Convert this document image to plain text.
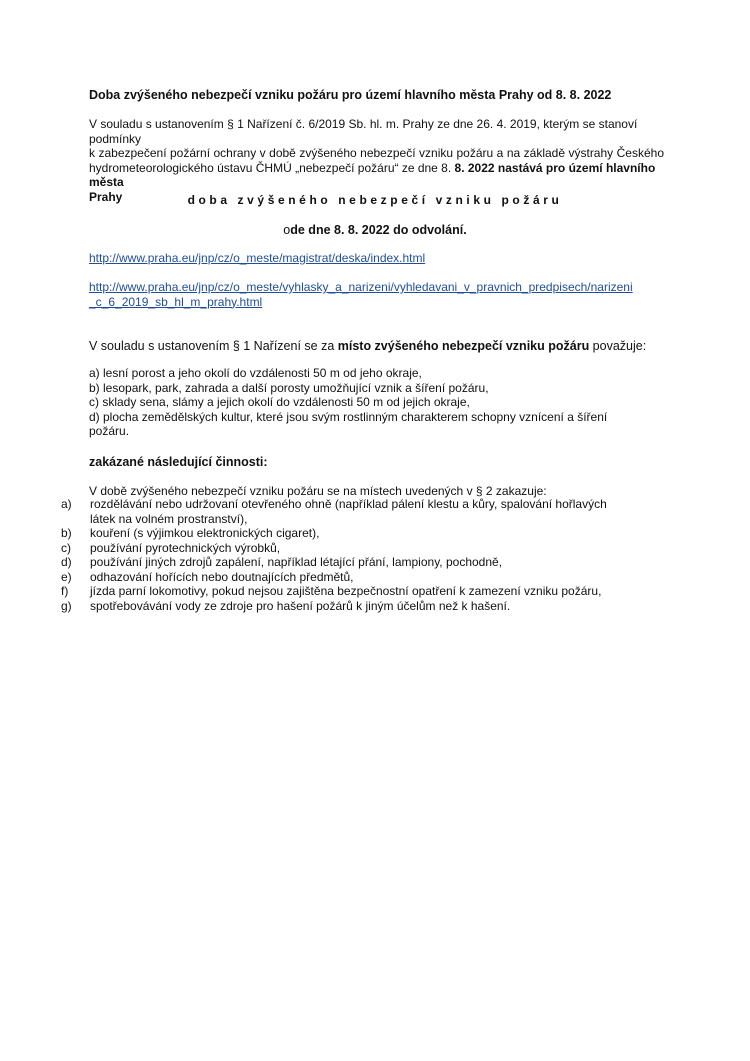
Doba zvýšeného nebezpečí vzniku požáru pro území hlavního města Prahy od 8. 8. 2022
V souladu s ustanovením § 1 Nařízení č. 6/2019 Sb. hl. m. Prahy ze dne 26. 4. 2019, kterým se stanoví podmínky
k zabezpečení požární ochrany v době zvýšeného nebezpečí vzniku požáru a na základě výstrahy Českého
hydrometeorologického ústavu ČHMÚ „nebezpečí požáru“ ze dne 8. 8. 2022 nastává pro území hlavního města
Prahy	doba zvýšeného nebezpečí vzniku požáru
ode dne 8. 8. 2022 do odvolání.
http://www.praha.eu/jnp/cz/o_meste/magistrat/deska/index.html
http://www.praha.eu/jnp/cz/o_meste/vyhlasky_a_narizeni/vyhledavani_v_pravnich_predpisech/narizeni
_c_6_2019_sb_hl_m_prahy.html
V souladu s ustanovením § 1 Nařízení se za místo zvýšeného nebezpečí vzniku požáru považuje:
a) lesní porost a jeho okolí do vzdálenosti 50 m od jeho okraje,
b) lesopark, park, zahrada a další porosty umožňující vznik a šíření požáru,
c) sklady sena, slámy a jejich okolí do vzdálenosti 50 m od jejich okraje,
d) plocha zemědělských kultur, které jsou svým rostlinným charakterem schopny vznícení a šíření
požáru.
zakázané následující činnosti:
V době zvýšeného nebezpečí vzniku požáru se na místech uvedených v § 2 zakazuje:
a)	rozdělávání nebo udržovaní otevřeného ohně (například pálení klestu a kůry, spalování hořlavých
látek na volném prostranství),
b)	kouření (s výjimkou elektronických cigaret),
c)	používání pyrotechnických výrobků,
d)	používání jiných zdrojů zapálení, například létající přání, lampiony, pochodně,
e)	odhazování hořících nebo doutnajících předmětů,
f)	jízda parní lokomotivy, pokud nejsou zajištěna bezpečnostní opatření k zamezení vzniku požáru,
g)	spotřebovávání vody ze zdroje pro hašení požárů k jiným účelům než k hašení.
